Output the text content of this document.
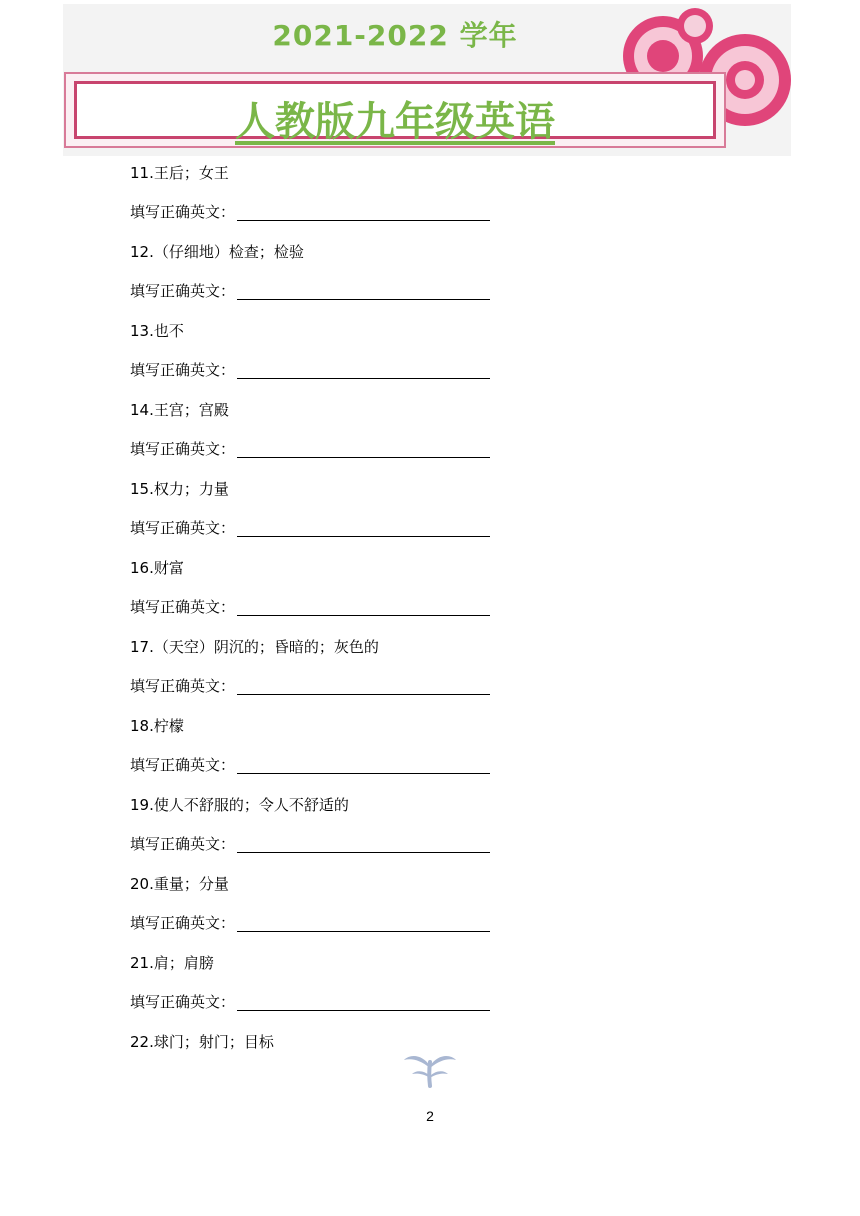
2021-2022 学年
人教版九年级英语
11.王后；女王
填写正确英文：
12.（仔细地）检查；检验
填写正确英文：
13.也不
填写正确英文：
14.王宫；宫殿
填写正确英文：
15.权力；力量
填写正确英文：
16.财富
填写正确英文：
17.（天空）阴沉的；昏暗的；灰色的
填写正确英文：
18.柠檬
填写正确英文：
19.使人不舒服的；令人不舒适的
填写正确英文：
20.重量；分量
填写正确英文：
21.肩；肩膀
填写正确英文：
22.球门；射门；目标
2
